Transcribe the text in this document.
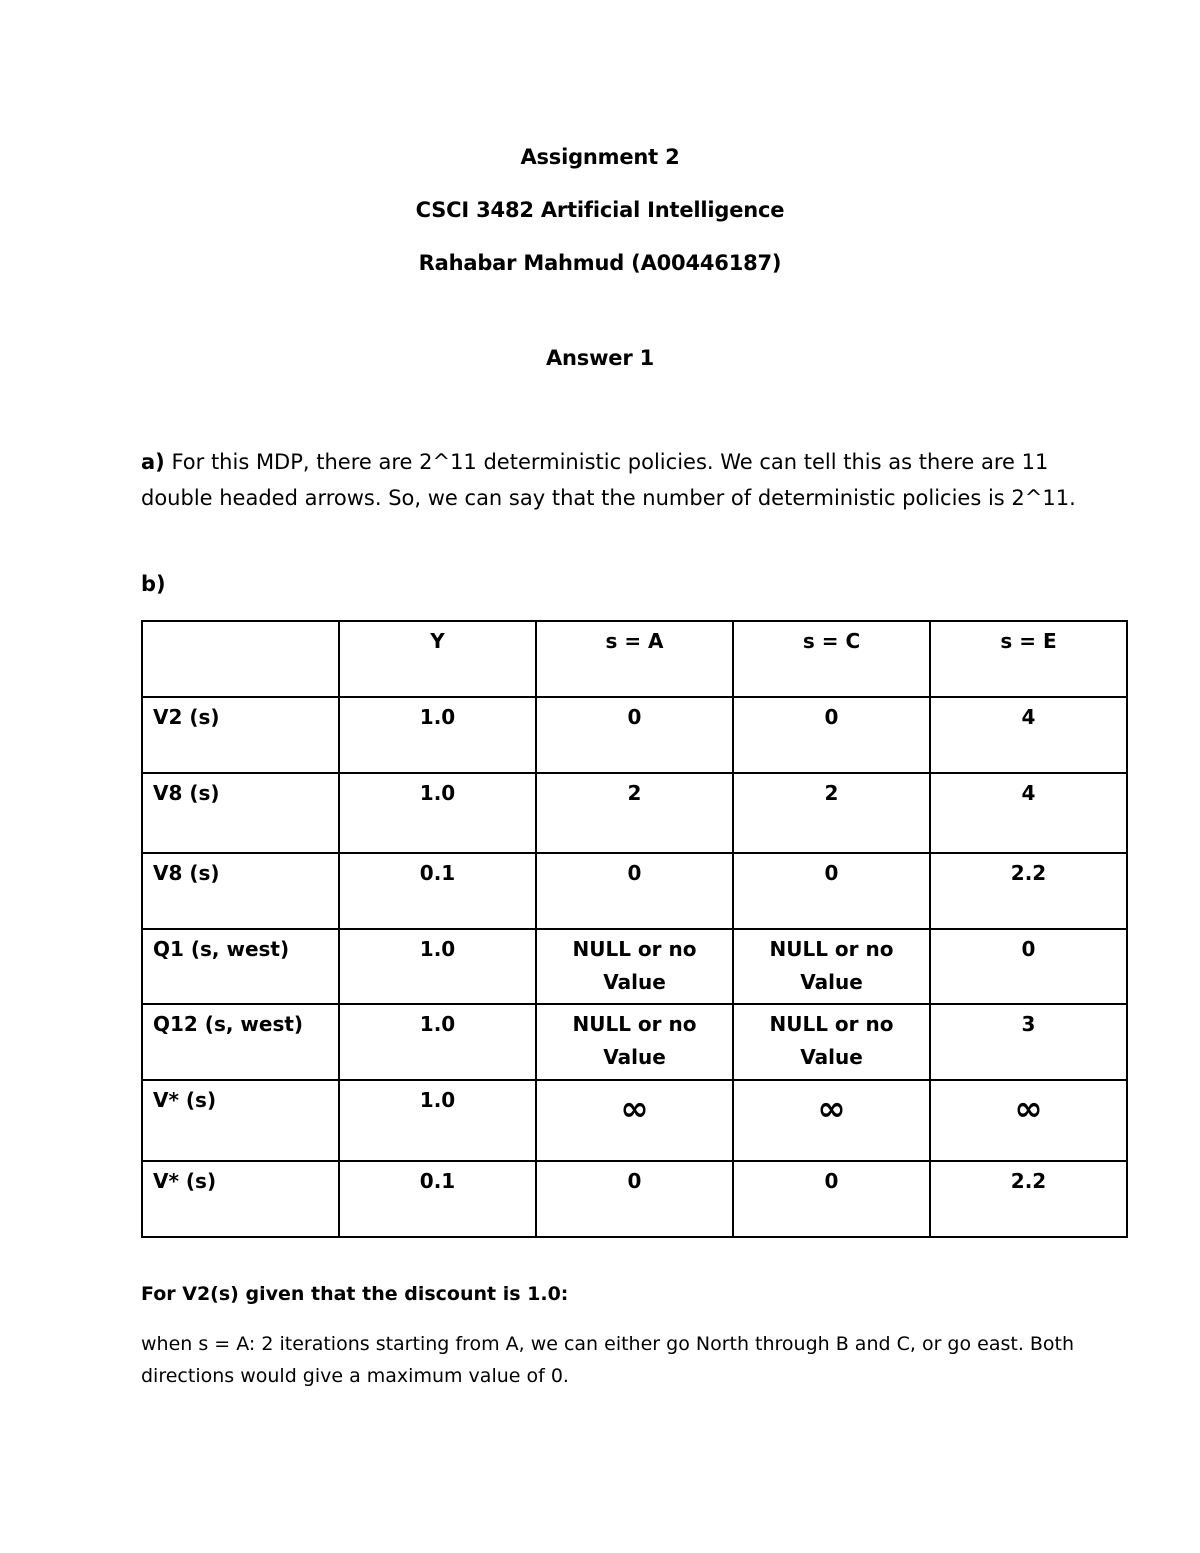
Assignment 2
CSCI 3482 Artificial Intelligence
Rahabar Mahmud (A00446187)
Answer 1
a) For this MDP, there are 2^11 deterministic policies. We can tell this as there are 11 double headed arrows. So, we can say that the number of deterministic policies is 2^11.
b)
	Y	s = A	s = C	s = E
V2 (s)	1.0	0	0	4
V8 (s)	1.0	2	2	4
V8 (s)	0.1	0	0	2.2
Q1 (s, west)	1.0	NULL or no Value	NULL or no Value	0
Q12 (s, west)	1.0	NULL or no Value	NULL or no Value	3
V* (s)	1.0	∞	∞	∞
V* (s)	0.1	0	0	2.2
For V2(s) given that the discount is 1.0:
when s = A: 2 iterations starting from A, we can either go North through B and C, or go east. Both directions would give a maximum value of 0.
